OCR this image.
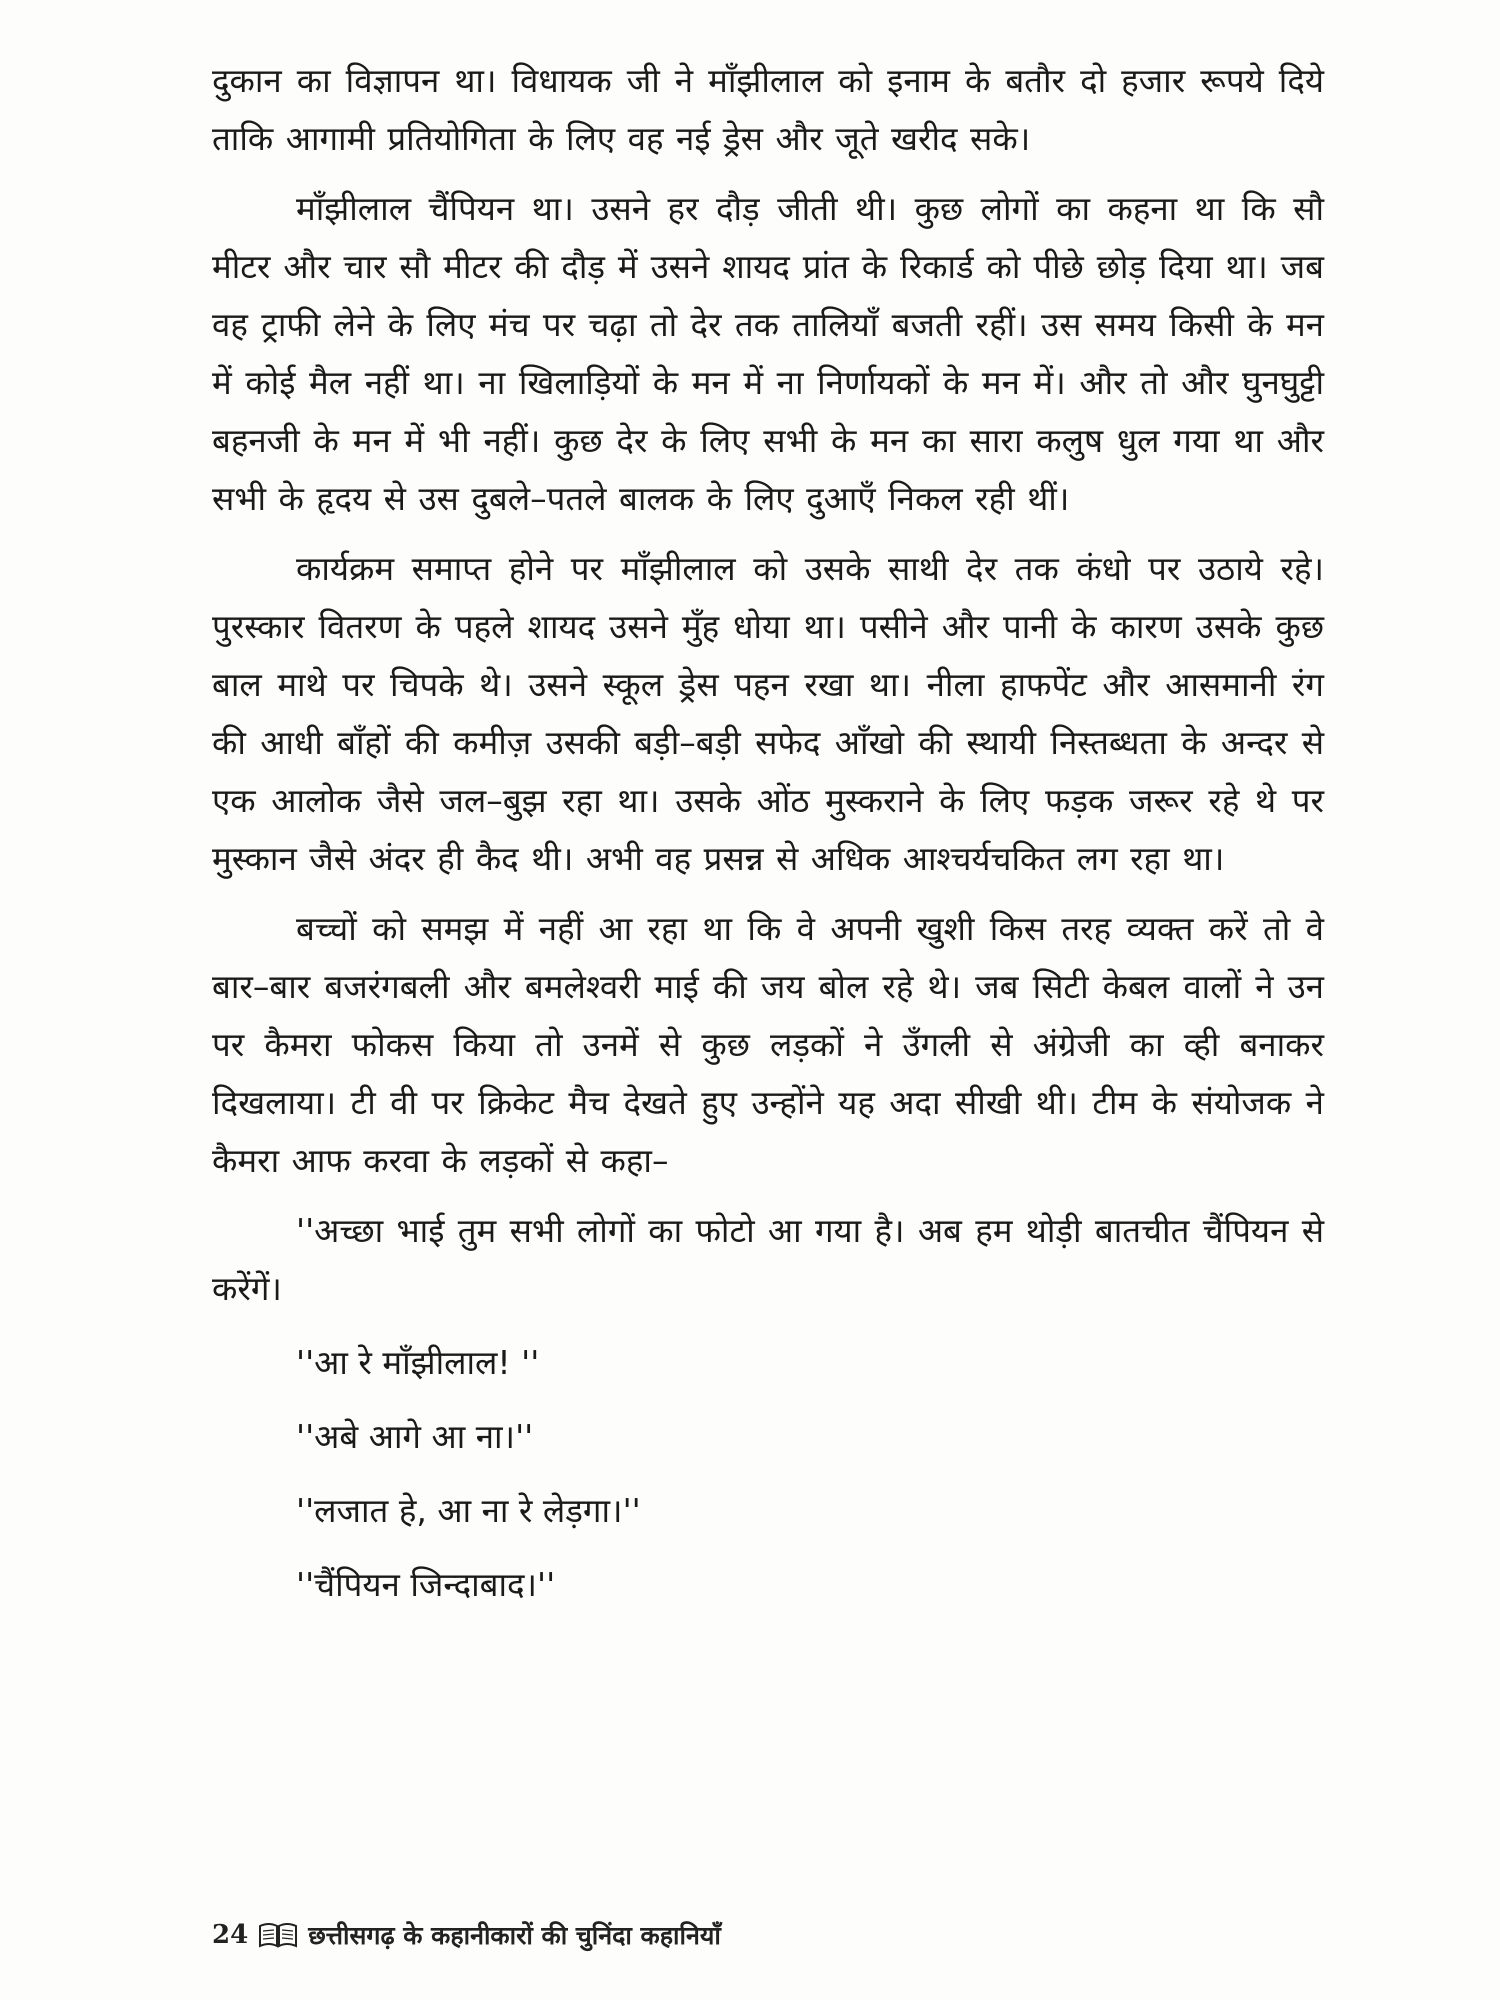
दुकान का विज्ञापन था। विधायक जी ने माँझीलाल को इनाम के बतौर दो हजार रूपये दिये ताकि आगामी प्रतियोगिता के लिए वह नई ड्रेस और जूते खरीद सके।

माँझीलाल चैंपियन था। उसने हर दौड़ जीती थी। कुछ लोगों का कहना था कि सौ मीटर और चार सौ मीटर की दौड़ में उसने शायद प्रांत के रिकार्ड को पीछे छोड़ दिया था। जब वह ट्राफी लेने के लिए मंच पर चढ़ा तो देर तक तालियाँ बजती रहीं। उस समय किसी के मन में कोई मैल नहीं था। ना खिलाड़ियों के मन में ना निर्णायकों के मन में। और तो और घुनघुट्टी बहनजी के मन में भी नहीं। कुछ देर के लिए सभी के मन का सारा कलुष धुल गया था और सभी के हृदय से उस दुबले–पतले बालक के लिए दुआएँ निकल रही थीं।

कार्यक्रम समाप्त होने पर माँझीलाल को उसके साथी देर तक कंधो पर उठाये रहे। पुरस्कार वितरण के पहले शायद उसने मुँह धोया था। पसीने और पानी के कारण उसके कुछ बाल माथे पर चिपके थे। उसने स्कूल ड्रेस पहन रखा था। नीला हाफपेंट और आसमानी रंग की आधी बाँहों की कमीज़ उसकी बड़ी–बड़ी सफेद आँखो की स्थायी निस्तब्धता के अन्दर से एक आलोक जैसे जल–बुझ रहा था। उसके ओंठ मुस्कराने के लिए फड़क जरूर रहे थे पर मुस्कान जैसे अंदर ही कैद थी। अभी वह प्रसन्न से अधिक आश्चर्यचकित लग रहा था।

बच्चों को समझ में नहीं आ रहा था कि वे अपनी खुशी किस तरह व्यक्त करें तो वे बार–बार बजरंगबली और बमलेश्वरी माई की जय बोल रहे थे। जब सिटी केबल वालों ने उन पर कैमरा फोकस किया तो उनमें से कुछ लड़कों ने उँगली से अंग्रेजी का व्ही बनाकर दिखलाया। टी वी पर क्रिकेट मैच देखते हुए उन्होंने यह अदा सीखी थी। टीम के संयोजक ने कैमरा आफ करवा के लड़कों से कहा–

''अच्छा भाई तुम सभी लोगों का फोटो आ गया है। अब हम थोड़ी बातचीत चैंपियन से करेंगें।

''आ रे माँझीलाल! ''

''अबे आगे आ ना।''

''लजात हे, आ ना रे लेड़गा।''

''चैंपियन जिन्दाबाद।''

24 छत्तीसगढ़ के कहानीकारों की चुनिंदा कहानियाँ
